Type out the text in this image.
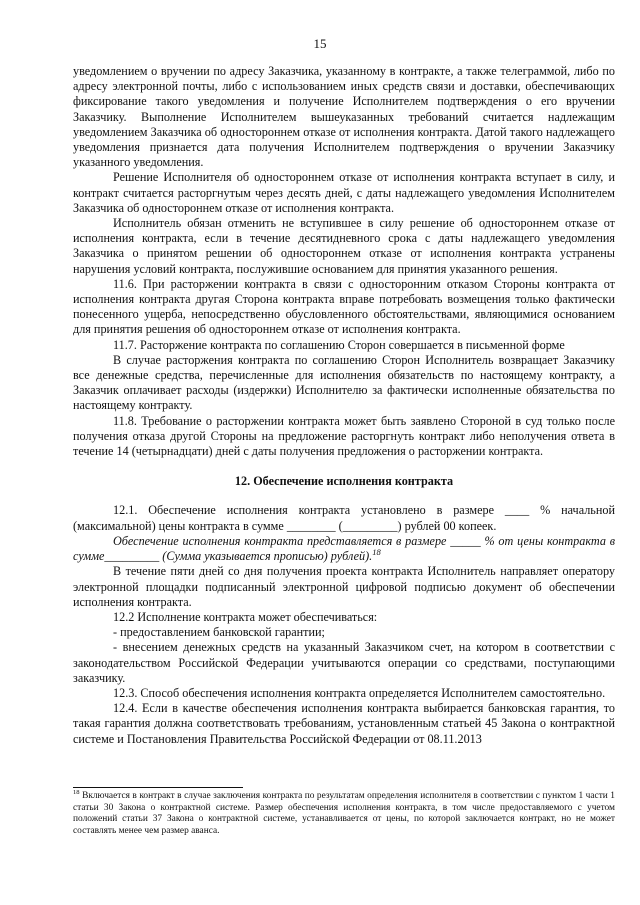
15

уведомлением о вручении по адресу Заказчика, указанному в контракте, а также телеграммой, либо по адресу электронной почты, либо с использованием иных средств связи и доставки, обеспечивающих фиксирование такого уведомления и получение Исполнителем подтверждения о его вручении Заказчику. Выполнение Исполнителем вышеуказанных требований считается надлежащим уведомлением Заказчика об одностороннем отказе от исполнения контракта. Датой такого надлежащего уведомления признается дата получения Исполнителем подтверждения о вручении Заказчику указанного уведомления.

Решение Исполнителя об одностороннем отказе от исполнения контракта вступает в силу, и контракт считается расторгнутым через десять дней, с даты надлежащего уведомления Исполнителем Заказчика об одностороннем отказе от исполнения контракта.

Исполнитель обязан отменить не вступившее в силу решение об одностороннем отказе от исполнения контракта, если в течение десятидневного срока с даты надлежащего уведомления Заказчика о принятом решении об одностороннем отказе от исполнения контракта устранены нарушения условий контракта, послужившие основанием для принятия указанного решения.

11.6. При расторжении контракта в связи с односторонним отказом Стороны контракта от исполнения контракта другая Сторона контракта вправе потребовать возмещения только фактически понесенного ущерба, непосредственно обусловленного обстоятельствами, являющимися основанием для принятия решения об одностороннем отказе от исполнения контракта.

11.7. Расторжение контракта по соглашению Сторон совершается в письменной форме

В случае расторжения контракта по соглашению Сторон Исполнитель возвращает Заказчику все денежные средства, перечисленные для исполнения обязательств по настоящему контракту, а Заказчик оплачивает расходы (издержки) Исполнителю за фактически исполненные обязательства по настоящему контракту.

11.8. Требование о расторжении контракта может быть заявлено Стороной в суд только после получения отказа другой Стороны на предложение расторгнуть контракт либо неполучения ответа в течение 14 (четырнадцати) дней с даты получения предложения о расторжении контракта.

12. Обеспечение исполнения контракта

12.1. Обеспечение исполнения контракта установлено в размере ____ % начальной (максимальной) цены контракта в сумме ________ (_________) рублей 00 копеек.

Обеспечение исполнения контракта представляется в размере _____ % от цены контракта в сумме_________ (Сумма указывается прописью) рублей).$^{18}$

В течение пяти дней со дня получения проекта контракта Исполнитель направляет оператору электронной площадки подписанный электронной цифровой подписью документ об обеспечении исполнения контракта.

12.2 Исполнение контракта может обеспечиваться:

- предоставлением банковской гарантии;

- внесением денежных средств на указанный Заказчиком счет, на котором в соответствии с законодательством Российской Федерации учитываются операции со средствами, поступающими заказчику.

12.3. Способ обеспечения исполнения контракта определяется Исполнителем самостоятельно.

12.4. Если в качестве обеспечения исполнения контракта выбирается банковская гарантия, то такая гарантия должна соответствовать требованиям, установленным статьей 45 Закона о контрактной системе и Постановления Правительства Российской Федерации от 08.11.2013

$^{18}$ Включается в контракт в случае заключения контракта по результатам определения исполнителя в соответствии с пунктом 1 части 1 статьи 30 Закона о контрактной системе. Размер обеспечения исполнения контракта, в том числе предоставляемого с учетом положений статьи 37 Закона о контрактной системе, устанавливается от цены, по которой заключается контракт, но не может составлять менее чем размер аванса.
